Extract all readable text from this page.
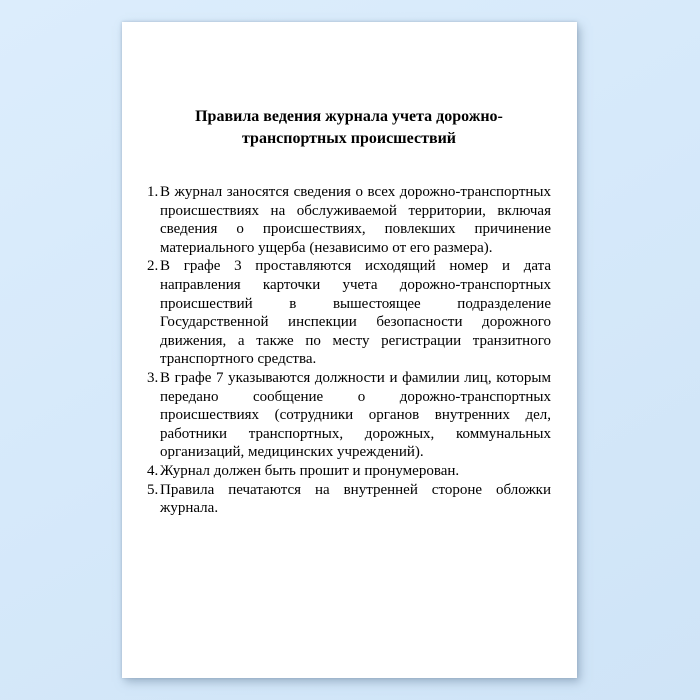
Правила ведения журнала учета дорожно-транспортных происшествий
1. В журнал заносятся сведения о всех дорожно-транспортных происшествиях на обслуживаемой территории, включая сведения о происшествиях, повлекших причинение материального ущерба (независимо от его размера).
2. В графе 3 проставляются исходящий номер и дата направления карточки учета дорожно-транспортных происшествий в вышестоящее подразделение Государственной инспекции безопасности дорожного движения, а также по месту регистрации транзитного транспортного средства.
3. В графе 7 указываются должности и фамилии лиц, которым передано сообщение о дорожно-транспортных происшествиях (сотрудники органов внутренних дел, работники транспортных, дорожных, коммунальных организаций, медицинских учреждений).
4. Журнал должен быть прошит и пронумерован.
5. Правила печатаются на внутренней стороне обложки журнала.
